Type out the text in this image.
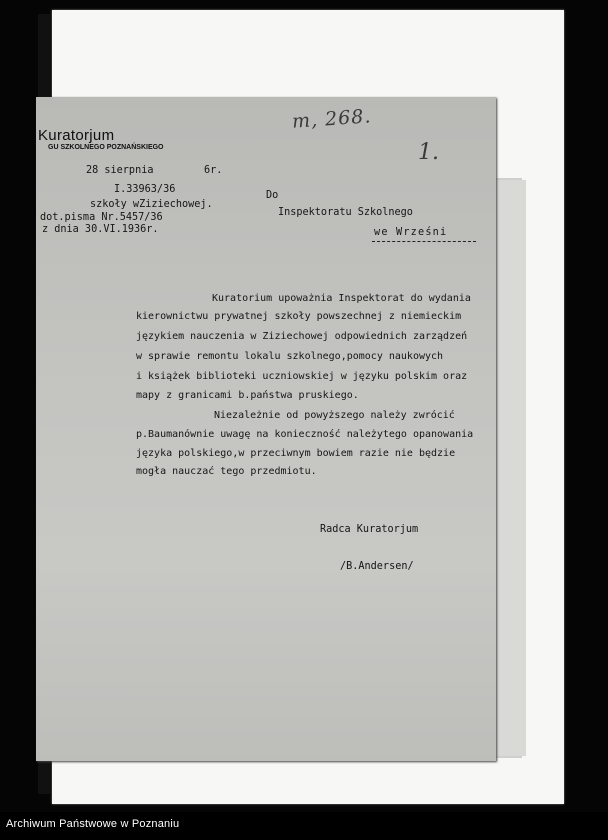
Kuratorjum
GU SZKOLNEGO POZNAŃSKIEGO
m, 268.
1.
28 sierpnia	6r.
I.33963/36
szkoły wZiziechowej.
dot.pisma Nr.5457/36
z dnia 30.VI.1936r.
Do
Inspektoratu Szkolnego
we Wrześni
Kuratorium upoważnia Inspektorat do wydania
kierownictwu prywatnej szkoły powszechnej z niemieckim
językiem nauczenia w Ziziechowej odpowiednich zarządzeń
w sprawie remontu lokalu szkolnego,pomocy naukowych
i książek biblioteki uczniowskiej w języku polskim oraz
mapy z granicami b.państwa pruskiego.
Niezależnie od powyższego należy zwrócić
p.Baumanównie uwagę na konieczność należytego opanowania
języka polskiego,w przeciwnym bowiem razie nie będzie
mogła nauczać tego przedmiotu.
Radca Kuratorjum
/B.Andersen/
Archiwum Państwowe w Poznaniu
